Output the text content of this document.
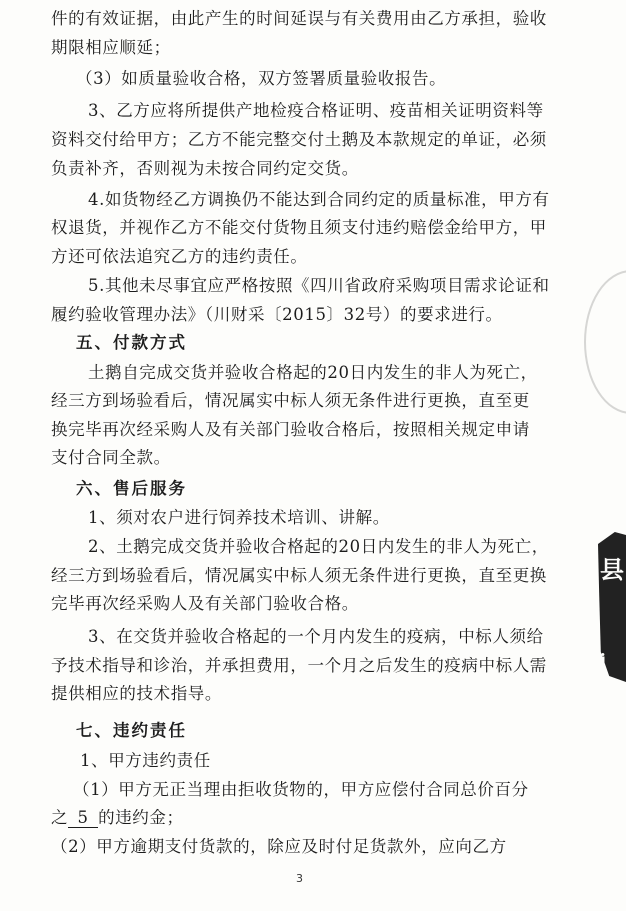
件的有效证据，由此产生的时间延误与有关费用由乙方承担，验收
期限相应顺延；
（3）如质量验收合格，双方签署质量验收报告。
3、乙方应将所提供产地检疫合格证明、疫苗相关证明资料等
资料交付给甲方；乙方不能完整交付土鹅及本款规定的单证，必须
负责补齐，否则视为未按合同约定交货。
4.如货物经乙方调换仍不能达到合同约定的质量标准，甲方有
权退货，并视作乙方不能交付货物且须支付违约赔偿金给甲方，甲
方还可依法追究乙方的违约责任。
5.其他未尽事宜应严格按照《四川省政府采购项目需求论证和
履约验收管理办法》（川财采〔2015〕32号）的要求进行。
五、付款方式
土鹅自完成交货并验收合格起的20日内发生的非人为死亡，
经三方到场验看后，情况属实中标人须无条件进行更换，直至更
换完毕再次经采购人及有关部门验收合格后，按照相关规定申请
支付合同全款。
六、售后服务
1、须对农户进行饲养技术培训、讲解。
2、土鹅完成交货并验收合格起的20日内发生的非人为死亡，
经三方到场验看后，情况属实中标人须无条件进行更换，直至更换
完毕再次经采购人及有关部门验收合格。
3、在交货并验收合格起的一个月内发生的疫病，中标人须给
予技术指导和诊治，并承担费用，一个月之后发生的疫病中标人需
提供相应的技术指导。
3
县
j
七、违约责任
1、甲方违约责任
（1）甲方无正当理由拒收货物的，甲方应偿付合同总价百分
之 5 的违约金；
（2）甲方逾期支付货款的，除应及时付足货款外，应向乙方
